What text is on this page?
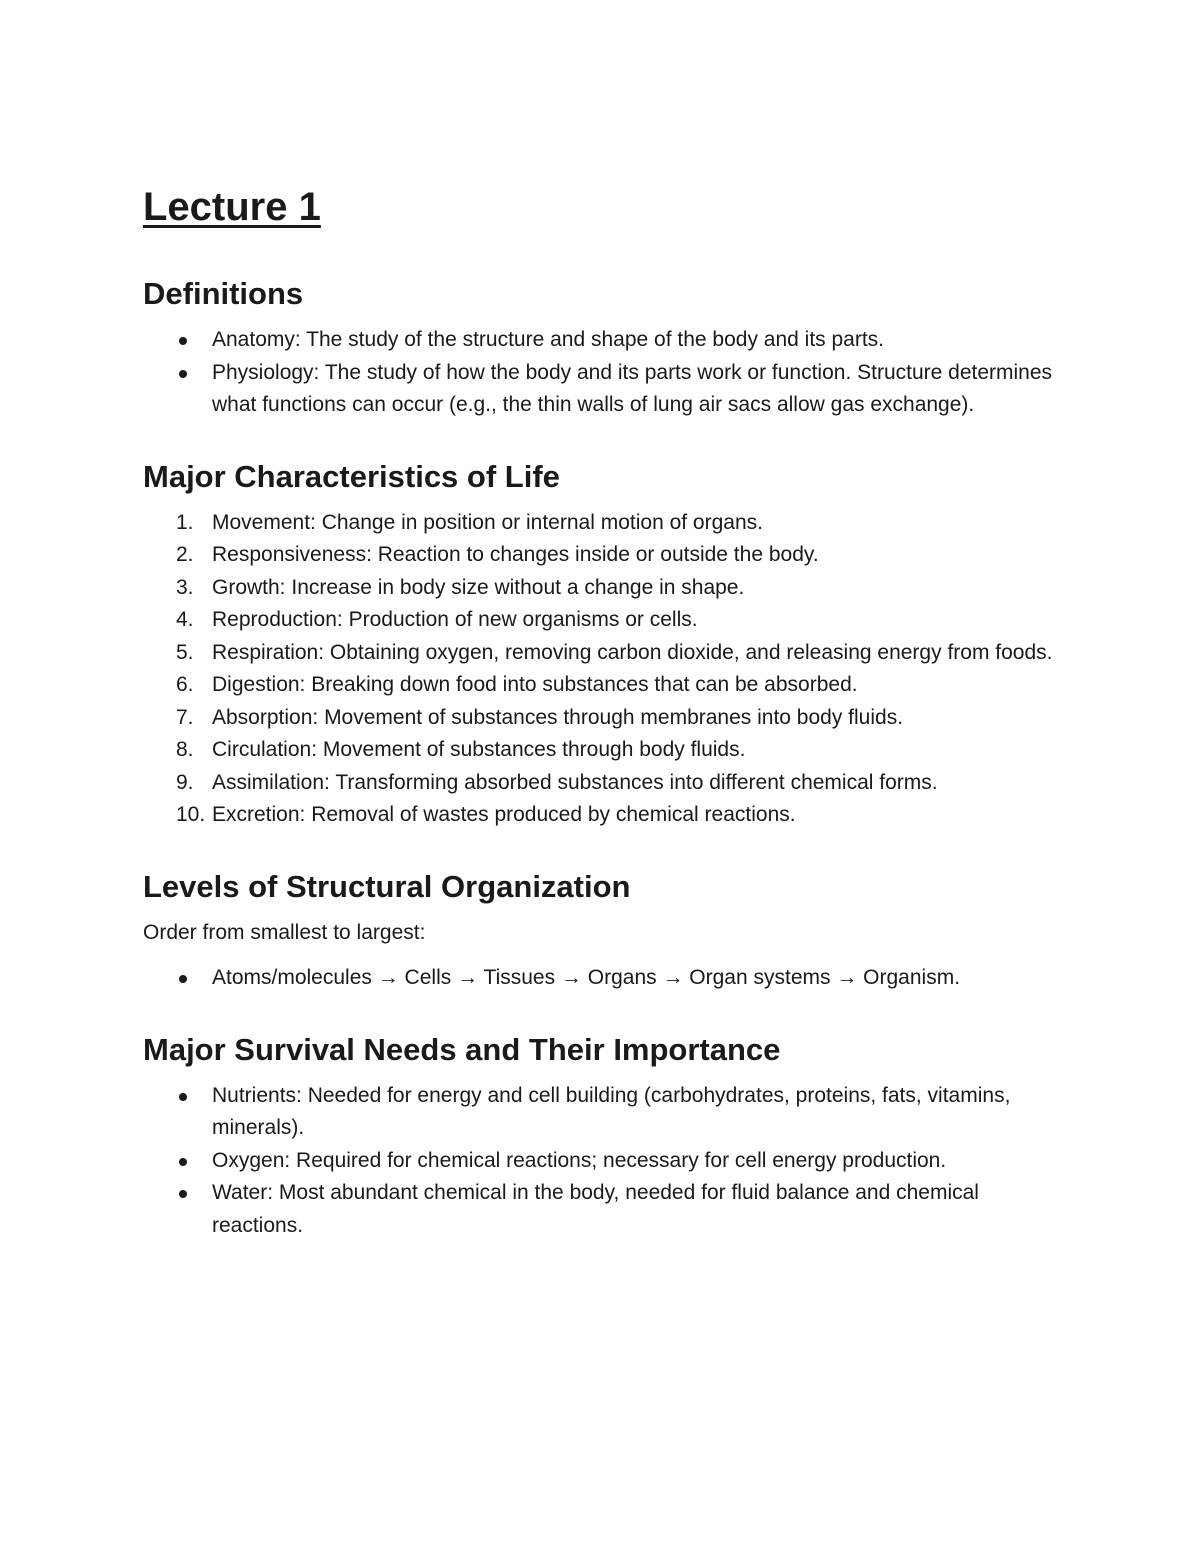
Lecture 1
Definitions
Anatomy: The study of the structure and shape of the body and its parts.
Physiology: The study of how the body and its parts work or function. Structure determines what functions can occur (e.g., the thin walls of lung air sacs allow gas exchange).
Major Characteristics of Life
1. Movement: Change in position or internal motion of organs.
2. Responsiveness: Reaction to changes inside or outside the body.
3. Growth: Increase in body size without a change in shape.
4. Reproduction: Production of new organisms or cells.
5. Respiration: Obtaining oxygen, removing carbon dioxide, and releasing energy from foods.
6. Digestion: Breaking down food into substances that can be absorbed.
7. Absorption: Movement of substances through membranes into body fluids.
8. Circulation: Movement of substances through body fluids.
9. Assimilation: Transforming absorbed substances into different chemical forms.
10. Excretion: Removal of wastes produced by chemical reactions.
Levels of Structural Organization

Order from smallest to largest:

Atoms/molecules → Cells → Tissues → Organs → Organ systems → Organism.
Major Survival Needs and Their Importance
Nutrients: Needed for energy and cell building (carbohydrates, proteins, fats, vitamins, minerals).
Oxygen: Required for chemical reactions; necessary for cell energy production.
Water: Most abundant chemical in the body, needed for fluid balance and chemical reactions.
